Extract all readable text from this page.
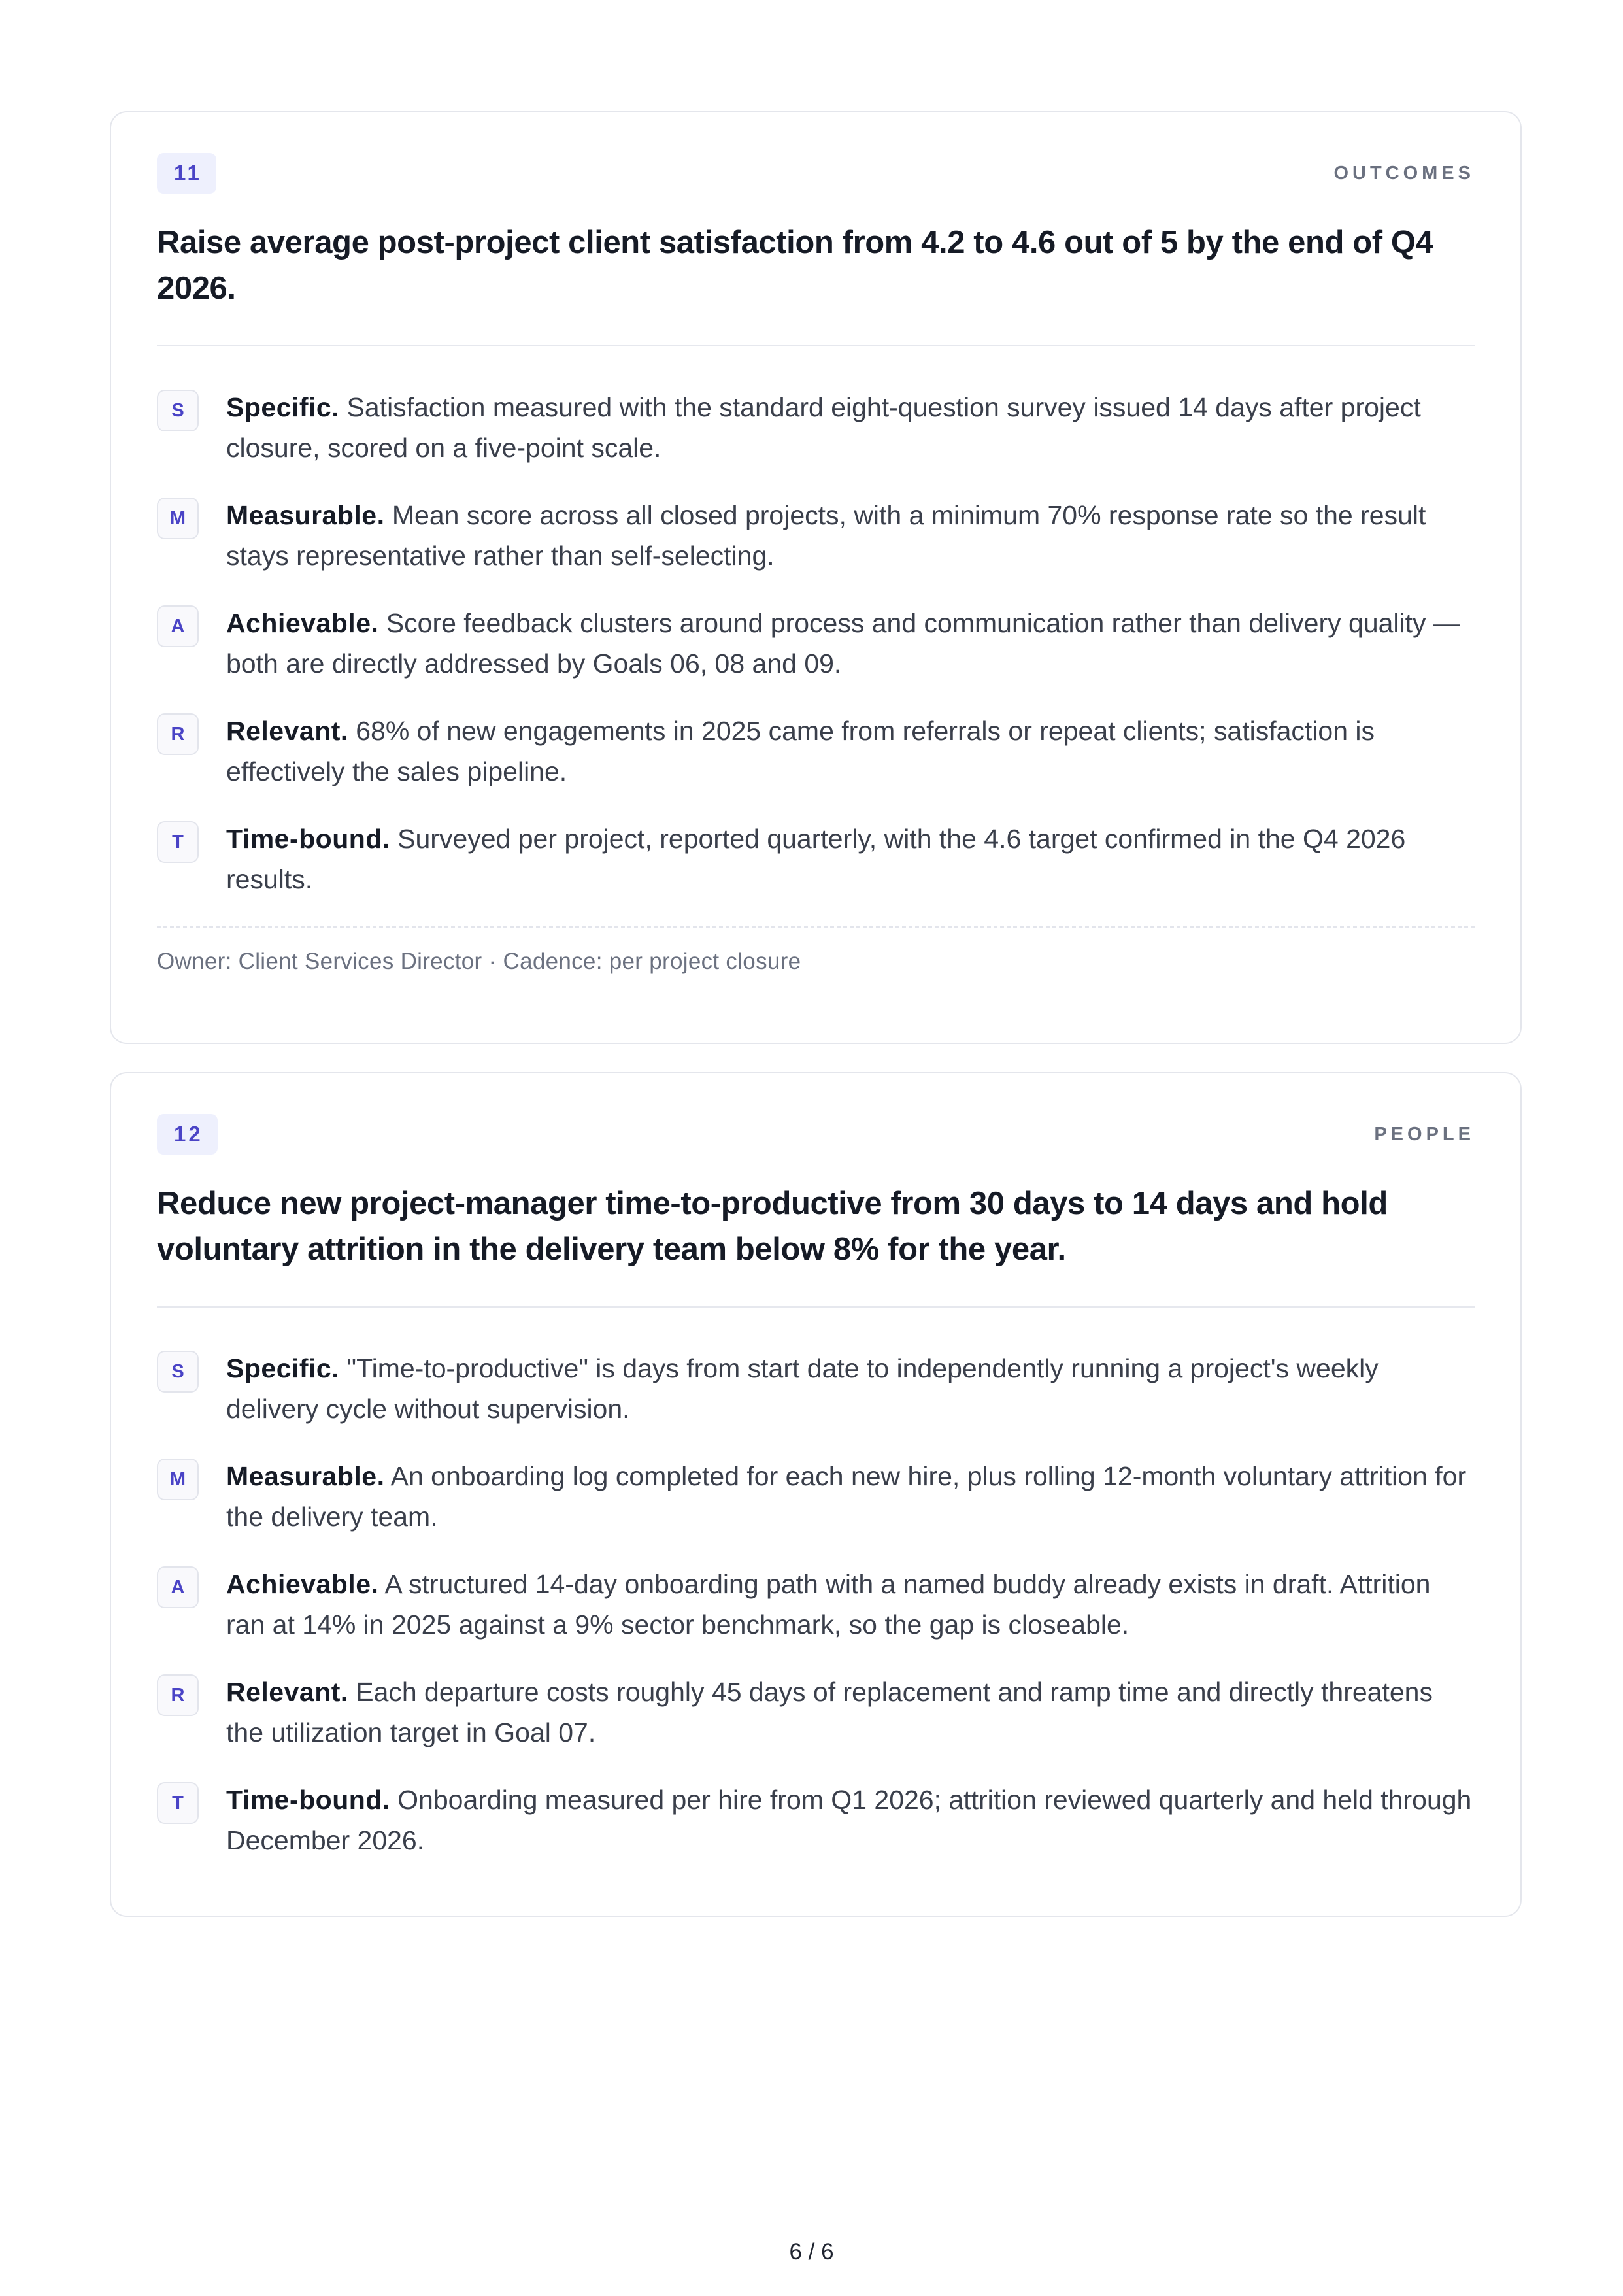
11	OUTCOMES
Raise average post-project client satisfaction from 4.2 to 4.6 out of 5 by the end of Q4 2026.
S	Specific. Satisfaction measured with the standard eight-question survey issued 14 days after project closure, scored on a five-point scale.
M	Measurable. Mean score across all closed projects, with a minimum 70% response rate so the result stays representative rather than self-selecting.
A	Achievable. Score feedback clusters around process and communication rather than delivery quality — both are directly addressed by Goals 06, 08 and 09.
R	Relevant. 68% of new engagements in 2025 came from referrals or repeat clients; satisfaction is effectively the sales pipeline.
T	Time-bound. Surveyed per project, reported quarterly, with the 4.6 target confirmed in the Q4 2026 results.
Owner: Client Services Director · Cadence: per project closure
12	PEOPLE
Reduce new project-manager time-to-productive from 30 days to 14 days and hold voluntary attrition in the delivery team below 8% for the year.
S	Specific. "Time-to-productive" is days from start date to independently running a project's weekly delivery cycle without supervision.
M	Measurable. An onboarding log completed for each new hire, plus rolling 12-month voluntary attrition for the delivery team.
A	Achievable. A structured 14-day onboarding path with a named buddy already exists in draft. Attrition ran at 14% in 2025 against a 9% sector benchmark, so the gap is closeable.
R	Relevant. Each departure costs roughly 45 days of replacement and ramp time and directly threatens the utilization target in Goal 07.
T	Time-bound. Onboarding measured per hire from Q1 2026; attrition reviewed quarterly and held through December 2026.
6 / 6
